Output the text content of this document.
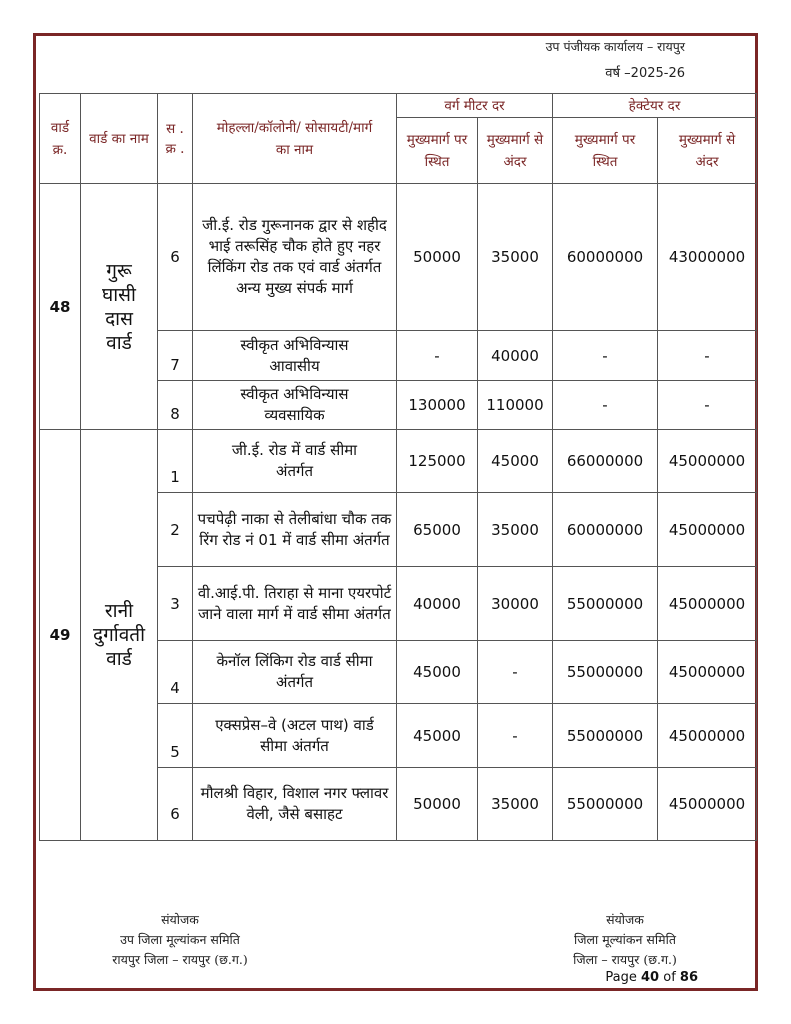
उप पंजीयक कार्यालय – रायपुर
वर्ष –2025-26
वार्ड क्र.	वार्ड का नाम	स . क्र .	मोहल्ला/कॉलोनी/ सोसायटी/मार्ग का नाम	वर्ग मीटर दर		हेक्टेयर दर	
				मुख्यमार्ग पर स्थित	मुख्यमार्ग से अंदर	मुख्यमार्ग पर स्थित	मुख्यमार्ग से अंदर
48	गुरू घासी दास वार्ड	6	जी.ई. रोड गुरूनानक द्वार से शहीद भाई तरूसिंह चौक होते हुए नहर लिंकिंग रोड तक एवं वार्ड अंतर्गत अन्य मुख्य संपर्क मार्ग	50000	35000	60000000	43000000
		7	स्वीकृत अभिविन्यास आवासीय	-	40000	-	-
		8	स्वीकृत अभिविन्यास व्यवसायिक	130000	110000	-	-
49	रानी दुर्गावती वार्ड	1	जी.ई. रोड में वार्ड सीमा अंतर्गत	125000	45000	66000000	45000000
		2	पचपेढ़ी नाका से तेलीबांधा चौक तक रिंग रोड नं 01 में वार्ड सीमा अंतर्गत	65000	35000	60000000	45000000
		3	वी.आई.पी. तिराहा से माना एयरपोर्ट जाने वाला मार्ग में वार्ड सीमा अंतर्गत	40000	30000	55000000	45000000
		4	केनॉल लिंकिग रोड वार्ड सीमा अंतर्गत	45000	-	55000000	45000000
		5	एक्सप्रेस–वे (अटल पाथ) वार्ड सीमा अंतर्गत	45000	-	55000000	45000000
		6	मौलश्री विहार, विशाल नगर फ्लावर वेली, जैसे बसाहट	50000	35000	55000000	45000000
संयोजक
उप जिला मूल्यांकन समिति
रायपुर जिला – रायपुर (छ.ग.)
संयोजक
जिला मूल्यांकन समिति
जिला – रायपुर (छ.ग.)
Page 40 of 86
